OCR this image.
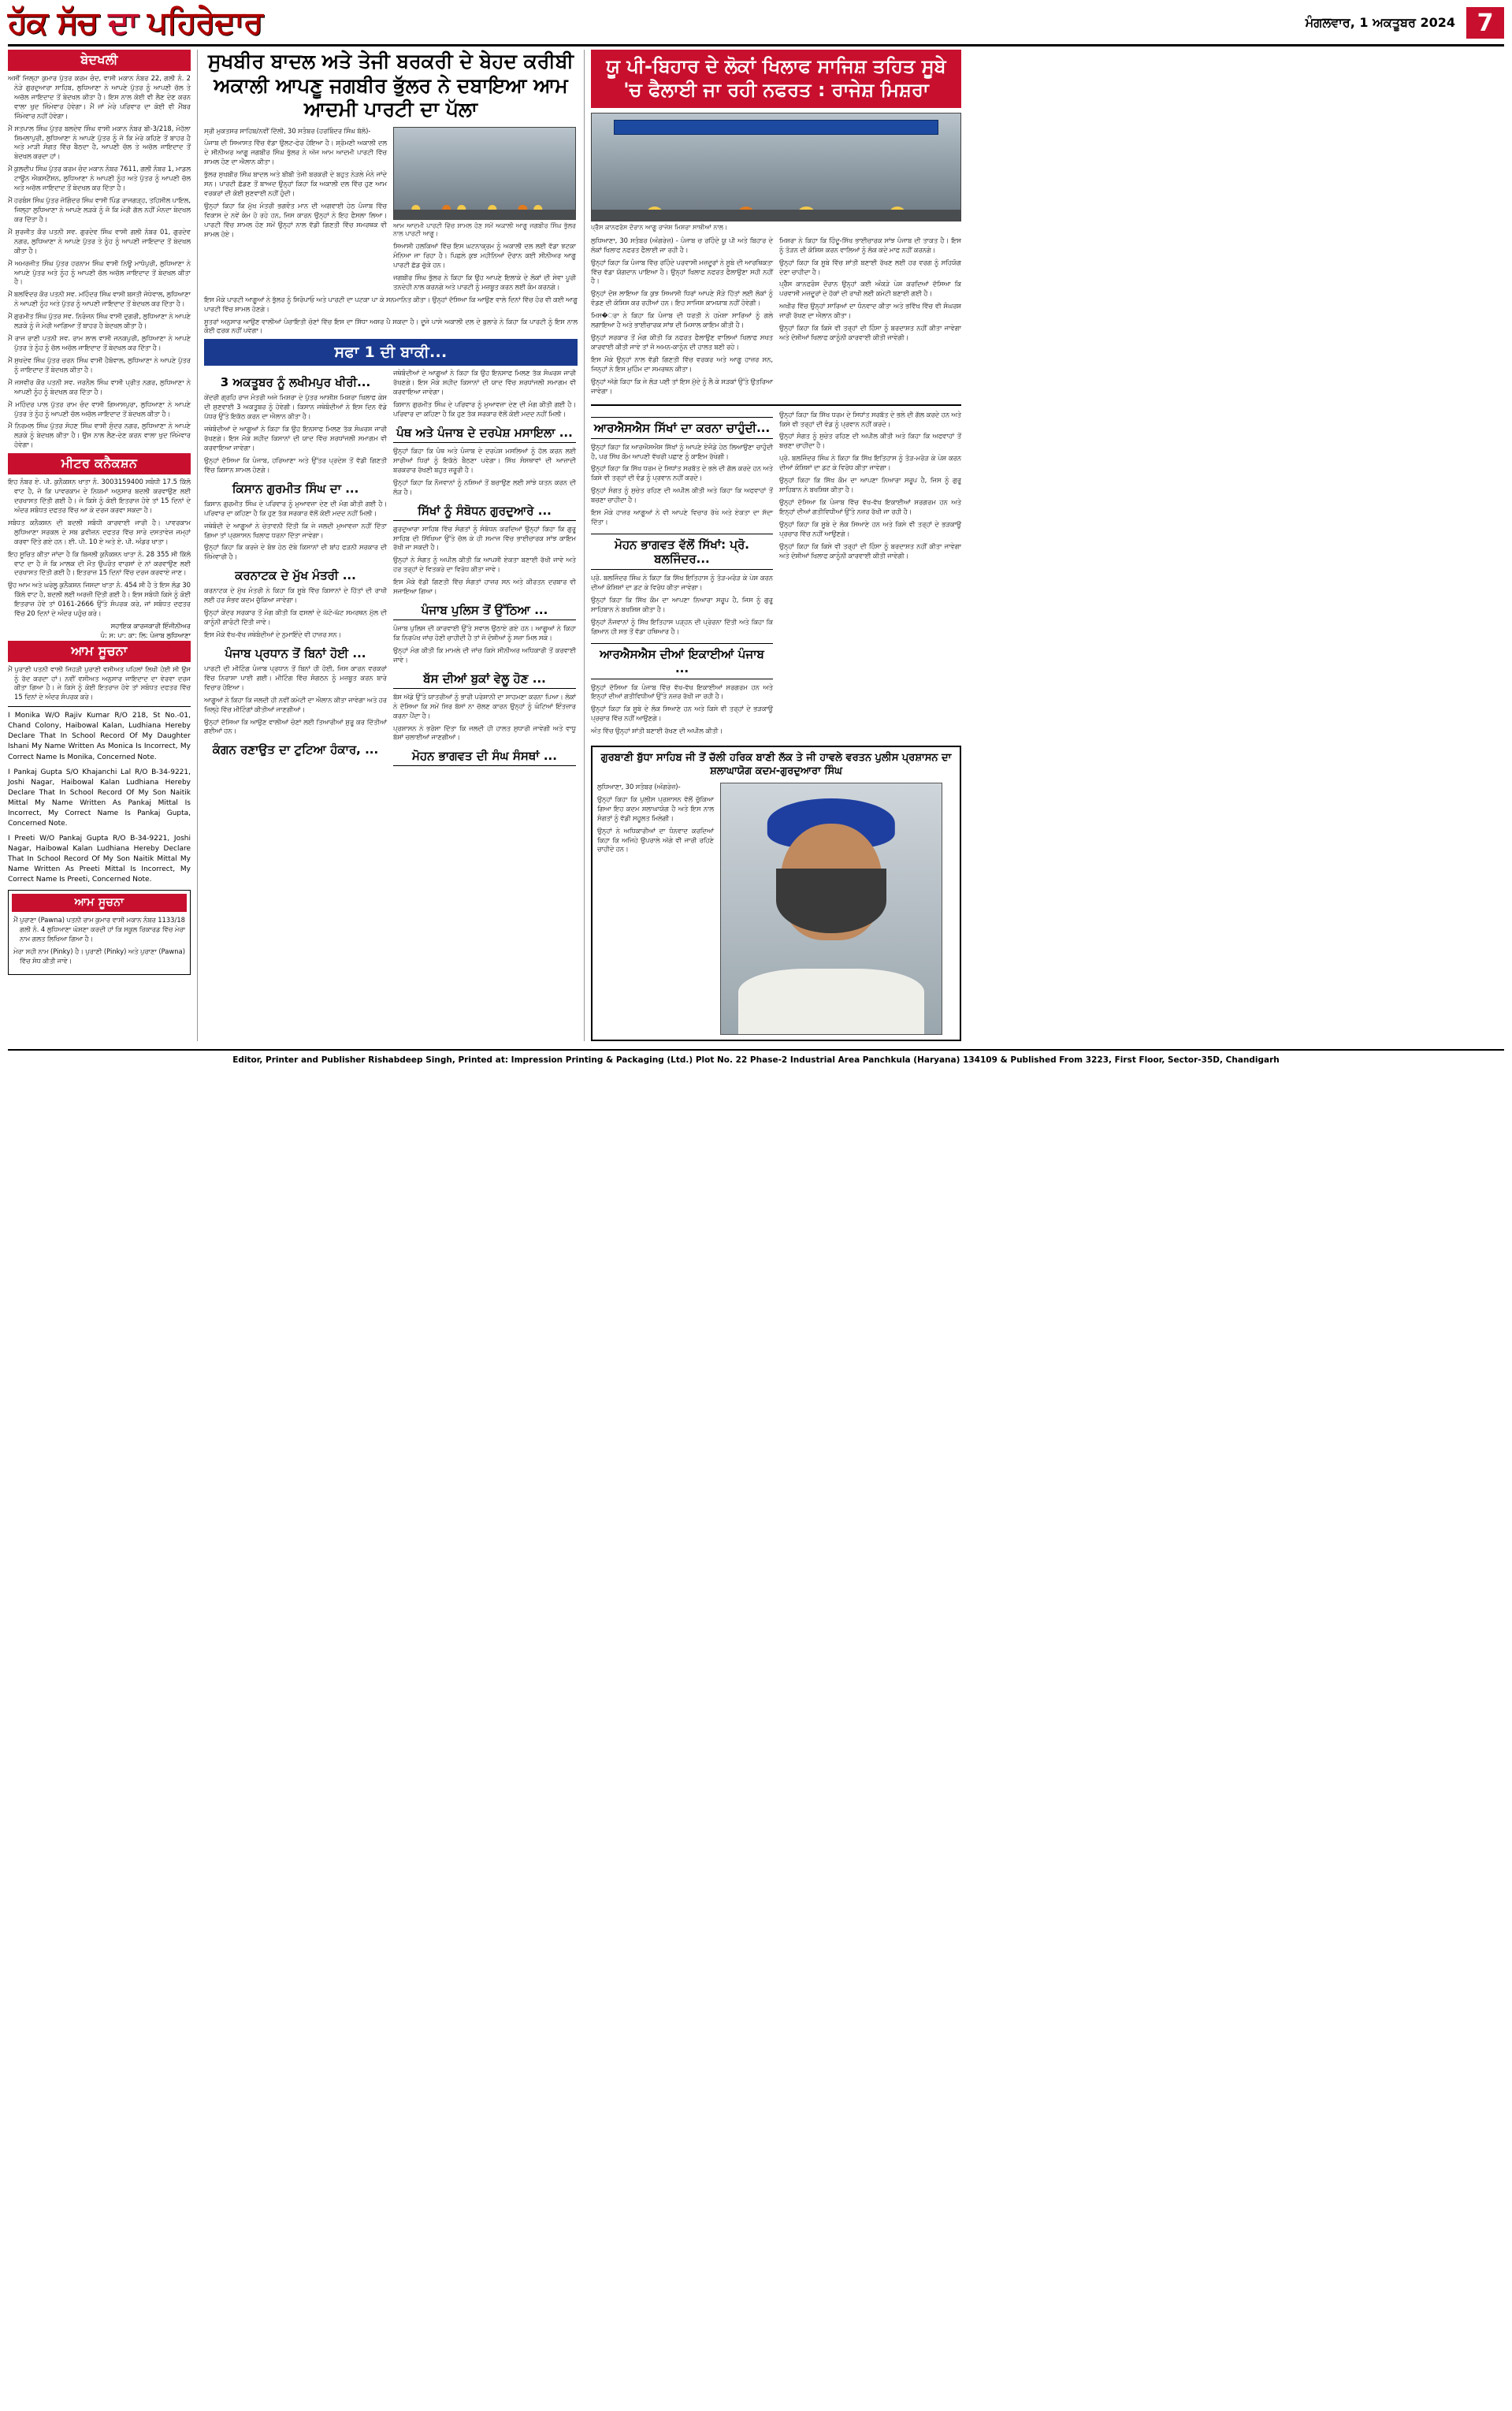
ਹੱਕ ਸੱਚ ਦਾ ਪਹਿਰੇਦਾਰ	ਮੰਗਲਵਾਰ, 1 ਅਕਤੂਬਰ 2024 7
ਬੇਦਖਲੀ

ਅਸੀਂ ਜਿਲ੍ਹਾ ਕੁਮਾਰ ਪੁੱਤਰ ਕਰਮ ਚੰਦ, ਵਾਸੀ ਮਕਾਨ ਨੰਬਰ 22, ਗਲੀ ਨੰ. 2 ਨੇੜੇ ਗੁਰਦੁਆਰਾ ਸਾਹਿਬ, ਲੁਧਿਆਣਾ ਨੇ ਆਪਣੇ ਪੁੱਤਰ ਨੂੰ ਆਪਣੀ ਚੱਲ ਤੇ ਅਚੱਲ ਜਾਇਦਾਦ ਤੋਂ ਬੇਦਖਲ ਕੀਤਾ ਹੈ। ਇਸ ਨਾਲ ਕੋਈ ਵੀ ਲੈਣ ਦੇਣ ਕਰਨ ਵਾਲਾ ਖੁਦ ਜਿੰਮੇਵਾਰ ਹੋਵੇਗਾ। ਮੈਂ ਜਾਂ ਮੇਰੇ ਪਰਿਵਾਰ ਦਾ ਕੋਈ ਵੀ ਮੈਂਬਰ ਜਿੰਮੇਵਾਰ ਨਹੀਂ ਹੋਵੇਗਾ।

ਮੈਂ ਸਤਪਾਲ ਸਿੰਘ ਪੁੱਤਰ ਬਲਦੇਵ ਸਿੰਘ ਵਾਸੀ ਮਕਾਨ ਨੰਬਰ ਬੀ-3/218, ਮੋਹੱਲਾ ਸ਼ਿਮਲਾਪੁਰੀ, ਲੁਧਿਆਣਾ ਨੇ ਆਪਣੇ ਪੁੱਤਰ ਨੂੰ ਜੋ ਕਿ ਮੇਰੇ ਕਹਿਣੇ ਤੋਂ ਬਾਹਰ ਹੈ ਅਤੇ ਮਾੜੀ ਸੰਗਤ ਵਿੱਚ ਬੈਠਦਾ ਹੈ, ਆਪਣੀ ਚੱਲ ਤੇ ਅਚੱਲ ਜਾਇਦਾਦ ਤੋਂ ਬੇਦਖਲ ਕਰਦਾ ਹਾਂ।

ਮੈਂ ਕੁਲਦੀਪ ਸਿੰਘ ਪੁੱਤਰ ਕਰਮ ਚੰਦ ਮਕਾਨ ਨੰਬਰ 7611, ਗਲੀ ਨੰਬਰ 1, ਮਾਡਲ ਟਾਊਨ ਐਕਸਟੈਂਸ਼ਨ, ਲੁਧਿਆਣਾ ਨੇ ਆਪਣੀ ਨੂੰਹ ਅਤੇ ਪੁੱਤਰ ਨੂੰ ਆਪਣੀ ਚੱਲ ਅਤੇ ਅਚੱਲ ਜਾਇਦਾਦ ਤੋਂ ਬੇਦਖਲ ਕਰ ਦਿੱਤਾ ਹੈ।

ਮੈਂ ਹਰਬੰਸ ਸਿੰਘ ਪੁੱਤਰ ਜੋਗਿੰਦਰ ਸਿੰਘ ਵਾਸੀ ਪਿੰਡ ਰਾਜਗੜ੍ਹ, ਤਹਿਸੀਲ ਪਾਇਲ, ਜਿਲ੍ਹਾ ਲੁਧਿਆਣਾ ਨੇ ਆਪਣੇ ਲੜਕੇ ਨੂੰ ਜੋ ਕਿ ਮੇਰੀ ਗੱਲ ਨਹੀਂ ਮੰਨਦਾ ਬੇਦਖਲ ਕਰ ਦਿੱਤਾ ਹੈ।

ਮੈਂ ਸੁਰਜੀਤ ਕੌਰ ਪਤਨੀ ਸਵ. ਗੁਰਦੇਵ ਸਿੰਘ ਵਾਸੀ ਗਲੀ ਨੰਬਰ 01, ਗੁਰਦੇਵ ਨਗਰ, ਲੁਧਿਆਣਾ ਨੇ ਆਪਣੇ ਪੁੱਤਰ ਤੇ ਨੂੰਹ ਨੂੰ ਆਪਣੀ ਜਾਇਦਾਦ ਤੋਂ ਬੇਦਖਲ ਕੀਤਾ ਹੈ।

ਮੈਂ ਅਮਰਜੀਤ ਸਿੰਘ ਪੁੱਤਰ ਹਰਨਾਮ ਸਿੰਘ ਵਾਸੀ ਨਿਊ ਮਾਧੋਪੁਰੀ, ਲੁਧਿਆਣਾ ਨੇ ਆਪਣੇ ਪੁੱਤਰ ਅਤੇ ਨੂੰਹ ਨੂੰ ਆਪਣੀ ਚੱਲ ਅਚੱਲ ਜਾਇਦਾਦ ਤੋਂ ਬੇਦਖਲ ਕੀਤਾ ਹੈ।

ਮੈਂ ਬਲਵਿੰਦਰ ਕੌਰ ਪਤਨੀ ਸਵ. ਮਹਿੰਦਰ ਸਿੰਘ ਵਾਸੀ ਬਸਤੀ ਜੋਧੇਵਾਲ, ਲੁਧਿਆਣਾ ਨੇ ਆਪਣੀ ਨੂੰਹ ਅਤੇ ਪੁੱਤਰ ਨੂੰ ਆਪਣੀ ਜਾਇਦਾਦ ਤੋਂ ਬੇਦਖਲ ਕਰ ਦਿੱਤਾ ਹੈ।

ਮੈਂ ਗੁਰਮੀਤ ਸਿੰਘ ਪੁੱਤਰ ਸਵ. ਨਿਰੰਜਨ ਸਿੰਘ ਵਾਸੀ ਦੁਗਰੀ, ਲੁਧਿਆਣਾ ਨੇ ਆਪਣੇ ਲੜਕੇ ਨੂੰ ਜੋ ਮੇਰੀ ਆਗਿਆ ਤੋਂ ਬਾਹਰ ਹੈ ਬੇਦਖਲ ਕੀਤਾ ਹੈ।

ਮੈਂ ਰਾਜ ਰਾਣੀ ਪਤਨੀ ਸਵ. ਰਾਮ ਲਾਲ ਵਾਸੀ ਜਨਕਪੁਰੀ, ਲੁਧਿਆਣਾ ਨੇ ਆਪਣੇ ਪੁੱਤਰ ਤੇ ਨੂੰਹ ਨੂੰ ਚੱਲ ਅਚੱਲ ਜਾਇਦਾਦ ਤੋਂ ਬੇਦਖਲ ਕਰ ਦਿੱਤਾ ਹੈ।

ਮੈਂ ਸੁਖਦੇਵ ਸਿੰਘ ਪੁੱਤਰ ਚਰਨ ਸਿੰਘ ਵਾਸੀ ਹੈਬੋਵਾਲ, ਲੁਧਿਆਣਾ ਨੇ ਆਪਣੇ ਪੁੱਤਰ ਨੂੰ ਜਾਇਦਾਦ ਤੋਂ ਬੇਦਖਲ ਕੀਤਾ ਹੈ।

ਮੈਂ ਜਸਵੀਰ ਕੌਰ ਪਤਨੀ ਸਵ. ਜਰਨੈਲ ਸਿੰਘ ਵਾਸੀ ਪ੍ਰੀਤ ਨਗਰ, ਲੁਧਿਆਣਾ ਨੇ ਆਪਣੀ ਨੂੰਹ ਨੂੰ ਬੇਦਖਲ ਕਰ ਦਿੱਤਾ ਹੈ।

ਮੈਂ ਮਹਿੰਦਰ ਪਾਲ ਪੁੱਤਰ ਰਾਮ ਚੰਦ ਵਾਸੀ ਗਿਆਸਪੁਰਾ, ਲੁਧਿਆਣਾ ਨੇ ਆਪਣੇ ਪੁੱਤਰ ਤੇ ਨੂੰਹ ਨੂੰ ਆਪਣੀ ਚੱਲ ਅਚੱਲ ਜਾਇਦਾਦ ਤੋਂ ਬੇਦਖਲ ਕੀਤਾ ਹੈ।

ਮੈਂ ਨਿਰਮਲ ਸਿੰਘ ਪੁੱਤਰ ਸੋਹਣ ਸਿੰਘ ਵਾਸੀ ਸੁੰਦਰ ਨਗਰ, ਲੁਧਿਆਣਾ ਨੇ ਆਪਣੇ ਲੜਕੇ ਨੂੰ ਬੇਦਖਲ ਕੀਤਾ ਹੈ। ਉਸ ਨਾਲ ਲੈਣ-ਦੇਣ ਕਰਨ ਵਾਲਾ ਖੁਦ ਜਿੰਮੇਵਾਰ ਹੋਵੇਗਾ।

ਮੀਟਰ ਕਨੈਕਸ਼ਨ

ਇਹ ਨੰਬਰ ਏ. ਪੀ. ਕੁਨੈਕਸ਼ਨ ਖਾਤਾ ਨੰ. 3003159400 ਸਬੰਧੀ 17.5 ਕਿੱਲੋ ਵਾਟ ਹੈ, ਜੋ ਕਿ ਪਾਵਰਕਾਮ ਦੇ ਨਿਯਮਾਂ ਅਨੁਸਾਰ ਬਦਲੀ ਕਰਵਾਉਣ ਲਈ ਦਰਖਾਸਤ ਦਿੱਤੀ ਗਈ ਹੈ। ਜੇ ਕਿਸੇ ਨੂੰ ਕੋਈ ਇਤਰਾਜ਼ ਹੋਵੇ ਤਾਂ 15 ਦਿਨਾਂ ਦੇ ਅੰਦਰ ਸਬੰਧਤ ਦਫਤਰ ਵਿੱਚ ਆ ਕੇ ਦਰਜ ਕਰਵਾ ਸਕਦਾ ਹੈ।

ਸਬੰਧਤ ਕਨੈਕਸ਼ਨ ਦੀ ਬਦਲੀ ਸਬੰਧੀ ਕਾਰਵਾਈ ਜਾਰੀ ਹੈ। ਪਾਵਰਕਾਮ ਲੁਧਿਆਣਾ ਸਰਕਲ ਦੇ ਸਬ ਡਵੀਜ਼ਨ ਦਫਤਰ ਵਿੱਚ ਸਾਰੇ ਦਸਤਾਵੇਜ਼ ਜਮ੍ਹਾਂ ਕਰਵਾ ਦਿੱਤੇ ਗਏ ਹਨ। ਈ. ਪੀ. 10 ਏ ਅਤੇ ਏ. ਪੀ. ਅੰਡਰ ਖਾਤਾ।

ਇਹ ਸੂਚਿਤ ਕੀਤਾ ਜਾਂਦਾ ਹੈ ਕਿ ਬਿਜਲੀ ਕੁਨੈਕਸ਼ਨ ਖਾਤਾ ਨੰ. 28 355 ਸੀ ਕਿੱਲੋ ਵਾਟ ਦਾ ਹੈ ਜੋ ਕਿ ਮਾਲਕ ਦੀ ਮੌਤ ਉਪਰੰਤ ਵਾਰਸਾਂ ਦੇ ਨਾਂ ਕਰਵਾਉਣ ਲਈ ਦਰਖਾਸਤ ਦਿੱਤੀ ਗਈ ਹੈ। ਇਤਰਾਜ਼ 15 ਦਿਨਾਂ ਵਿੱਚ ਦਰਜ ਕਰਵਾਏ ਜਾਣ।

ਉਹ ਆਮ ਅਤੇ ਘਰੇਲੂ ਕੁਨੈਕਸ਼ਨ ਜਿਸਦਾ ਖਾਤਾ ਨੰ. 454 ਸੀ ਹੈ ਤੇ ਇਸ ਲੋਡ 30 ਕਿੱਲੋ ਵਾਟ ਹੈ, ਬਦਲੀ ਲਈ ਅਰਜ਼ੀ ਦਿੱਤੀ ਗਈ ਹੈ। ਇਸ ਸਬੰਧੀ ਕਿਸੇ ਨੂੰ ਕੋਈ ਇਤਰਾਜ਼ ਹੋਵੇ ਤਾਂ 0161-2666 ਉੱਤੇ ਸੰਪਰਕ ਕਰੇ, ਜਾਂ ਸਬੰਧਤ ਦਫਤਰ ਵਿੱਚ 20 ਦਿਨਾਂ ਦੇ ਅੰਦਰ ਪਹੁੰਚ ਕਰੇ।

ਸਹਾਇਕ ਕਾਰਜਕਾਰੀ ਇੰਜੀਨੀਅਰ
ਪੰ: ਸ: ਪਾ: ਕਾ: ਲਿ: ਪੰਜਾਬ ਲੁਧਿਆਣਾ
ਆਮ ਸੂਚਨਾ

ਮੈਂ ਪੁਰਾਣੀ ਪਤਨੀ ਵਾਲੀ ਜਿਹੜੀ ਪੁਰਾਣੀ ਵਸੀਅਤ ਪਹਿਲਾਂ ਲਿਖੀ ਹੋਈ ਸੀ ਉਸ ਨੂੰ ਰੱਦ ਕਰਦਾ ਹਾਂ। ਨਵੀਂ ਵਸੀਅਤ ਅਨੁਸਾਰ ਜਾਇਦਾਦ ਦਾ ਵੇਰਵਾ ਦਰਜ ਕੀਤਾ ਗਿਆ ਹੈ। ਜੇ ਕਿਸੇ ਨੂੰ ਕੋਈ ਇਤਰਾਜ਼ ਹੋਵੇ ਤਾਂ ਸਬੰਧਤ ਦਫਤਰ ਵਿੱਚ 15 ਦਿਨਾਂ ਦੇ ਅੰਦਰ ਸੰਪਰਕ ਕਰੇ।

I Monika W/O Rajiv Kumar R/O 218, St No.-01, Chand Colony, Haibowal Kalan, Ludhiana Hereby Declare That In School Record Of My Daughter Ishani My Name Written As Monica Is Incorrect, My Correct Name Is Monika, Concerned Note.

I Pankaj Gupta S/O Khajanchi Lal R/O B-34-9221, Joshi Nagar, Haibowal Kalan Ludhiana Hereby Declare That In School Record Of My Son Naitik Mittal My Name Written As Pankaj Mittal Is Incorrect, My Correct Name Is Pankaj Gupta, Concerned Note.

I Preeti W/O Pankaj Gupta R/O B-34-9221, Joshi Nagar, Haibowal Kalan Ludhiana Hereby Declare That In School Record Of My Son Naitik Mittal My Name Written As Preeti Mittal Is Incorrect, My Correct Name Is Preeti, Concerned Note.

ਆਮ ਸੂਚਨਾ

ਮੈਂ ਪੁਰਾਣਾ (Pawna) ਪਤਨੀ ਰਾਮ ਕੁਮਾਰ ਵਾਸੀ ਮਕਾਨ ਨੰਬਰ 1133/18 ਗਲੀ ਨੰ. 4 ਲੁਧਿਆਣਾ ਘੋਸ਼ਣਾ ਕਰਦੀ ਹਾਂ ਕਿ ਸਕੂਲ ਰਿਕਾਰਡ ਵਿੱਚ ਮੇਰਾ ਨਾਮ ਗਲਤ ਲਿਖਿਆ ਗਿਆ ਹੈ।

ਮੇਰਾ ਸਹੀ ਨਾਮ (Pinky) ਹੈ। ਪੁਰਾਣੀ (Pinky) ਅਤੇ ਪੁਰਾਣਾ (Pawna) ਵਿੱਚ ਸੋਧ ਕੀਤੀ ਜਾਵੇ।

ਸੁਖਬੀਰ ਬਾਦਲ ਅਤੇ ਤੇਜੀ ਬਰਕਰੀ ਦੇ ਬੇਹਦ ਕਰੀਬੀ ਅਕਾਲੀ ਆਪਣੂ ਜਗਬੀਰ ਭੁੱਲਰ ਨੇ ਦਬਾਇਆ ਆਮ ਆਦਮੀ ਪਾਰਟੀ ਦਾ ਪੱਲਾ

ਸ੍ਰੀ ਮੁਕਤਸਰ ਸਾਹਿਬ/ਨਵੀਂ ਦਿੱਲੀ, 30 ਸਤੰਬਰ (ਹਰਬਿੰਦਰ ਸਿੰਘ ਬੱਲੋ)-

ਪੰਜਾਬ ਦੀ ਸਿਆਸਤ ਵਿੱਚ ਵੱਡਾ ਉਲਟ-ਫੇਰ ਹੋਇਆ ਹੈ। ਸ਼੍ਰੋਮਣੀ ਅਕਾਲੀ ਦਲ ਦੇ ਸੀਨੀਅਰ ਆਗੂ ਜਗਬੀਰ ਸਿੰਘ ਭੁੱਲਰ ਨੇ ਅੱਜ ਆਮ ਆਦਮੀ ਪਾਰਟੀ ਵਿੱਚ ਸ਼ਾਮਲ ਹੋਣ ਦਾ ਐਲਾਨ ਕੀਤਾ।

ਭੁੱਲਰ ਸੁਖਬੀਰ ਸਿੰਘ ਬਾਦਲ ਅਤੇ ਬੀਬੀ ਤੇਜੀ ਬਰਕਰੀ ਦੇ ਬਹੁਤ ਨੇੜਲੇ ਮੰਨੇ ਜਾਂਦੇ ਸਨ। ਪਾਰਟੀ ਛੱਡਣ ਤੋਂ ਬਾਅਦ ਉਨ੍ਹਾਂ ਕਿਹਾ ਕਿ ਅਕਾਲੀ ਦਲ ਵਿੱਚ ਹੁਣ ਆਮ ਵਰਕਰਾਂ ਦੀ ਕੋਈ ਸੁਣਵਾਈ ਨਹੀਂ ਹੁੰਦੀ।

ਉਨ੍ਹਾਂ ਕਿਹਾ ਕਿ ਮੁੱਖ ਮੰਤਰੀ ਭਗਵੰਤ ਮਾਨ ਦੀ ਅਗਵਾਈ ਹੇਠ ਪੰਜਾਬ ਵਿੱਚ ਵਿਕਾਸ ਦੇ ਨਵੇਂ ਕੰਮ ਹੋ ਰਹੇ ਹਨ, ਜਿਸ ਕਾਰਨ ਉਨ੍ਹਾਂ ਨੇ ਇਹ ਫੈਸਲਾ ਲਿਆ। ਪਾਰਟੀ ਵਿੱਚ ਸ਼ਾਮਲ ਹੋਣ ਸਮੇਂ ਉਨ੍ਹਾਂ ਨਾਲ ਵੱਡੀ ਗਿਣਤੀ ਵਿੱਚ ਸਮਰਥਕ ਵੀ ਸ਼ਾਮਲ ਹੋਏ।

ਆਮ ਆਦਮੀ ਪਾਰਟੀ ਵਿੱਚ ਸ਼ਾਮਲ ਹੋਣ ਸਮੇਂ ਅਕਾਲੀ ਆਗੂ ਜਗਬੀਰ ਸਿੰਘ ਭੁੱਲਰ ਨਾਲ ਪਾਰਟੀ ਆਗੂ।

ਸਿਆਸੀ ਹਲਕਿਆਂ ਵਿੱਚ ਇਸ ਘਟਨਾਕ੍ਰਮ ਨੂੰ ਅਕਾਲੀ ਦਲ ਲਈ ਵੱਡਾ ਝਟਕਾ ਮੰਨਿਆ ਜਾ ਰਿਹਾ ਹੈ। ਪਿਛਲੇ ਕੁਝ ਮਹੀਨਿਆਂ ਦੌਰਾਨ ਕਈ ਸੀਨੀਅਰ ਆਗੂ ਪਾਰਟੀ ਛੱਡ ਚੁੱਕੇ ਹਨ।

ਜਗਬੀਰ ਸਿੰਘ ਭੁੱਲਰ ਨੇ ਕਿਹਾ ਕਿ ਉਹ ਆਪਣੇ ਇਲਾਕੇ ਦੇ ਲੋਕਾਂ ਦੀ ਸੇਵਾ ਪੂਰੀ ਤਨਦੇਹੀ ਨਾਲ ਕਰਨਗੇ ਅਤੇ ਪਾਰਟੀ ਨੂੰ ਮਜ਼ਬੂਤ ਕਰਨ ਲਈ ਕੰਮ ਕਰਨਗੇ।

ਇਸ ਮੌਕੇ ਪਾਰਟੀ ਆਗੂਆਂ ਨੇ ਭੁੱਲਰ ਨੂੰ ਸਿਰੋਪਾਓ ਅਤੇ ਪਾਰਟੀ ਦਾ ਪਟਕਾ ਪਾ ਕੇ ਸਨਮਾਨਿਤ ਕੀਤਾ। ਉਨ੍ਹਾਂ ਦੱਸਿਆ ਕਿ ਆਉਣ ਵਾਲੇ ਦਿਨਾਂ ਵਿੱਚ ਹੋਰ ਵੀ ਕਈ ਆਗੂ ਪਾਰਟੀ ਵਿੱਚ ਸ਼ਾਮਲ ਹੋਣਗੇ।

ਸੂਤਰਾਂ ਅਨੁਸਾਰ ਆਉਣ ਵਾਲੀਆਂ ਪੰਚਾਇਤੀ ਚੋਣਾਂ ਵਿੱਚ ਇਸ ਦਾ ਸਿੱਧਾ ਅਸਰ ਪੈ ਸਕਦਾ ਹੈ। ਦੂਜੇ ਪਾਸੇ ਅਕਾਲੀ ਦਲ ਦੇ ਬੁਲਾਰੇ ਨੇ ਕਿਹਾ ਕਿ ਪਾਰਟੀ ਨੂੰ ਇਸ ਨਾਲ ਕੋਈ ਫਰਕ ਨਹੀਂ ਪਵੇਗਾ।

ਸਫਾ 1 ਦੀ ਬਾਕੀ...
3 ਅਕਤੂਬਰ ਨੂੰ ਲਖੀਮਪੁਰ ਖੀਰੀ...

ਕੇਂਦਰੀ ਗ੍ਰਹਿ ਰਾਜ ਮੰਤਰੀ ਅਜੇ ਮਿਸ਼ਰਾ ਦੇ ਪੁੱਤਰ ਆਸ਼ੀਸ਼ ਮਿਸ਼ਰਾ ਖਿਲਾਫ ਕੇਸ ਦੀ ਸੁਣਵਾਈ 3 ਅਕਤੂਬਰ ਨੂੰ ਹੋਵੇਗੀ। ਕਿਸਾਨ ਜਥੇਬੰਦੀਆਂ ਨੇ ਇਸ ਦਿਨ ਵੱਡੇ ਪੱਧਰ ਉੱਤੇ ਇਕੱਠ ਕਰਨ ਦਾ ਐਲਾਨ ਕੀਤਾ ਹੈ।

ਜਥੇਬੰਦੀਆਂ ਦੇ ਆਗੂਆਂ ਨੇ ਕਿਹਾ ਕਿ ਉਹ ਇਨਸਾਫ ਮਿਲਣ ਤੱਕ ਸੰਘਰਸ਼ ਜਾਰੀ ਰੱਖਣਗੇ। ਇਸ ਮੌਕੇ ਸ਼ਹੀਦ ਕਿਸਾਨਾਂ ਦੀ ਯਾਦ ਵਿੱਚ ਸ਼ਰਧਾਂਜਲੀ ਸਮਾਗਮ ਵੀ ਕਰਵਾਇਆ ਜਾਵੇਗਾ।

ਉਨ੍ਹਾਂ ਦੱਸਿਆ ਕਿ ਪੰਜਾਬ, ਹਰਿਆਣਾ ਅਤੇ ਉੱਤਰ ਪ੍ਰਦੇਸ਼ ਤੋਂ ਵੱਡੀ ਗਿਣਤੀ ਵਿੱਚ ਕਿਸਾਨ ਸ਼ਾਮਲ ਹੋਣਗੇ।

ਕਿਸਾਨ ਗੁਰਮੀਤ ਸਿੰਘ ਦਾ ...

ਕਿਸਾਨ ਗੁਰਮੀਤ ਸਿੰਘ ਦੇ ਪਰਿਵਾਰ ਨੂੰ ਮੁਆਵਜ਼ਾ ਦੇਣ ਦੀ ਮੰਗ ਕੀਤੀ ਗਈ ਹੈ। ਪਰਿਵਾਰ ਦਾ ਕਹਿਣਾ ਹੈ ਕਿ ਹੁਣ ਤੱਕ ਸਰਕਾਰ ਵੱਲੋਂ ਕੋਈ ਮਦਦ ਨਹੀਂ ਮਿਲੀ।

ਜਥੇਬੰਦੀ ਦੇ ਆਗੂਆਂ ਨੇ ਚੇਤਾਵਨੀ ਦਿੱਤੀ ਕਿ ਜੇ ਜਲਦੀ ਮੁਆਵਜ਼ਾ ਨਹੀਂ ਦਿੱਤਾ ਗਿਆ ਤਾਂ ਪ੍ਰਸ਼ਾਸਨ ਖਿਲਾਫ ਧਰਨਾ ਦਿੱਤਾ ਜਾਵੇਗਾ।

ਉਨ੍ਹਾਂ ਕਿਹਾ ਕਿ ਕਰਜ਼ੇ ਦੇ ਬੋਝ ਹੇਠ ਦੱਬੇ ਕਿਸਾਨਾਂ ਦੀ ਬਾਂਹ ਫੜਨੀ ਸਰਕਾਰ ਦੀ ਜ਼ਿੰਮੇਵਾਰੀ ਹੈ।

ਕਰਨਾਟਕ ਦੇ ਮੁੱਖ ਮੰਤਰੀ ...

ਕਰਨਾਟਕ ਦੇ ਮੁੱਖ ਮੰਤਰੀ ਨੇ ਕਿਹਾ ਕਿ ਸੂਬੇ ਵਿੱਚ ਕਿਸਾਨਾਂ ਦੇ ਹਿੱਤਾਂ ਦੀ ਰਾਖੀ ਲਈ ਹਰ ਸੰਭਵ ਕਦਮ ਚੁੱਕਿਆ ਜਾਵੇਗਾ।

ਉਨ੍ਹਾਂ ਕੇਂਦਰ ਸਰਕਾਰ ਤੋਂ ਮੰਗ ਕੀਤੀ ਕਿ ਫਸਲਾਂ ਦੇ ਘੱਟੋ-ਘੱਟ ਸਮਰਥਨ ਮੁੱਲ ਦੀ ਕਾਨੂੰਨੀ ਗਾਰੰਟੀ ਦਿੱਤੀ ਜਾਵੇ।

ਇਸ ਮੌਕੇ ਵੱਖ-ਵੱਖ ਜਥੇਬੰਦੀਆਂ ਦੇ ਨੁਮਾਇੰਦੇ ਵੀ ਹਾਜ਼ਰ ਸਨ।

ਪੰਜਾਬ ਪ੍ਰਧਾਨ ਤੋਂ ਬਿਨਾਂ ਹੋਈ ...

ਪਾਰਟੀ ਦੀ ਮੀਟਿੰਗ ਪੰਜਾਬ ਪ੍ਰਧਾਨ ਤੋਂ ਬਿਨਾਂ ਹੀ ਹੋਈ, ਜਿਸ ਕਾਰਨ ਵਰਕਰਾਂ ਵਿੱਚ ਨਿਰਾਸ਼ਾ ਪਾਈ ਗਈ। ਮੀਟਿੰਗ ਵਿੱਚ ਸੰਗਠਨ ਨੂੰ ਮਜ਼ਬੂਤ ਕਰਨ ਬਾਰੇ ਵਿਚਾਰ ਹੋਇਆ।

ਆਗੂਆਂ ਨੇ ਕਿਹਾ ਕਿ ਜਲਦੀ ਹੀ ਨਵੀਂ ਕਮੇਟੀ ਦਾ ਐਲਾਨ ਕੀਤਾ ਜਾਵੇਗਾ ਅਤੇ ਹਰ ਜ਼ਿਲ੍ਹੇ ਵਿੱਚ ਮੀਟਿੰਗਾਂ ਕੀਤੀਆਂ ਜਾਣਗੀਆਂ।

ਉਨ੍ਹਾਂ ਦੱਸਿਆ ਕਿ ਆਉਣ ਵਾਲੀਆਂ ਚੋਣਾਂ ਲਈ ਤਿਆਰੀਆਂ ਸ਼ੁਰੂ ਕਰ ਦਿੱਤੀਆਂ ਗਈਆਂ ਹਨ।

ਕੰਗਨ ਰਣਾਉਤ ਦਾ ਟੁਟਿਆ ਹੰਕਾਰ, ...

ਜਥੇਬੰਦੀਆਂ ਦੇ ਆਗੂਆਂ ਨੇ ਕਿਹਾ ਕਿ ਉਹ ਇਨਸਾਫ ਮਿਲਣ ਤੱਕ ਸੰਘਰਸ਼ ਜਾਰੀ ਰੱਖਣਗੇ। ਇਸ ਮੌਕੇ ਸ਼ਹੀਦ ਕਿਸਾਨਾਂ ਦੀ ਯਾਦ ਵਿੱਚ ਸ਼ਰਧਾਂਜਲੀ ਸਮਾਗਮ ਵੀ ਕਰਵਾਇਆ ਜਾਵੇਗਾ।

ਕਿਸਾਨ ਗੁਰਮੀਤ ਸਿੰਘ ਦੇ ਪਰਿਵਾਰ ਨੂੰ ਮੁਆਵਜ਼ਾ ਦੇਣ ਦੀ ਮੰਗ ਕੀਤੀ ਗਈ ਹੈ। ਪਰਿਵਾਰ ਦਾ ਕਹਿਣਾ ਹੈ ਕਿ ਹੁਣ ਤੱਕ ਸਰਕਾਰ ਵੱਲੋਂ ਕੋਈ ਮਦਦ ਨਹੀਂ ਮਿਲੀ।

ਪੰਥ ਅਤੇ ਪੰਜਾਬ ਦੇ ਦਰਪੇਸ਼ ਮਸਾਇਲਾ ...

ਉਨ੍ਹਾਂ ਕਿਹਾ ਕਿ ਪੰਥ ਅਤੇ ਪੰਜਾਬ ਦੇ ਦਰਪੇਸ਼ ਮਸਲਿਆਂ ਨੂੰ ਹੱਲ ਕਰਨ ਲਈ ਸਾਰੀਆਂ ਧਿਰਾਂ ਨੂੰ ਇਕੱਠੇ ਬੈਠਣਾ ਪਵੇਗਾ। ਸਿੱਖ ਸੰਸਥਾਵਾਂ ਦੀ ਆਜ਼ਾਦੀ ਬਰਕਰਾਰ ਰੱਖਣੀ ਬਹੁਤ ਜ਼ਰੂਰੀ ਹੈ।

ਉਨ੍ਹਾਂ ਕਿਹਾ ਕਿ ਨੌਜਵਾਨਾਂ ਨੂੰ ਨਸ਼ਿਆਂ ਤੋਂ ਬਚਾਉਣ ਲਈ ਸਾਂਝੇ ਯਤਨ ਕਰਨ ਦੀ ਲੋੜ ਹੈ।

ਸਿੱਖਾਂ ਨੂੰ ਸੰਬੋਧਨ ਗੁਰਦੁਆਰੇ ...

ਗੁਰਦੁਆਰਾ ਸਾਹਿਬ ਵਿੱਚ ਸੰਗਤਾਂ ਨੂੰ ਸੰਬੋਧਨ ਕਰਦਿਆਂ ਉਨ੍ਹਾਂ ਕਿਹਾ ਕਿ ਗੁਰੂ ਸਾਹਿਬ ਦੀ ਸਿੱਖਿਆ ਉੱਤੇ ਚੱਲ ਕੇ ਹੀ ਸਮਾਜ ਵਿੱਚ ਭਾਈਚਾਰਕ ਸਾਂਝ ਕਾਇਮ ਰੱਖੀ ਜਾ ਸਕਦੀ ਹੈ।

ਉਨ੍ਹਾਂ ਨੇ ਸੰਗਤ ਨੂੰ ਅਪੀਲ ਕੀਤੀ ਕਿ ਆਪਸੀ ਏਕਤਾ ਬਣਾਈ ਰੱਖੀ ਜਾਵੇ ਅਤੇ ਹਰ ਤਰ੍ਹਾਂ ਦੇ ਵਿਤਕਰੇ ਦਾ ਵਿਰੋਧ ਕੀਤਾ ਜਾਵੇ।

ਇਸ ਮੌਕੇ ਵੱਡੀ ਗਿਣਤੀ ਵਿੱਚ ਸੰਗਤਾਂ ਹਾਜ਼ਰ ਸਨ ਅਤੇ ਕੀਰਤਨ ਦਰਬਾਰ ਵੀ ਸਜਾਇਆ ਗਿਆ।

ਪੰਜਾਬ ਪੁਲਿਸ ਤੋਂ ਉੱਠਿਆ ...

ਪੰਜਾਬ ਪੁਲਿਸ ਦੀ ਕਾਰਵਾਈ ਉੱਤੇ ਸਵਾਲ ਉਠਾਏ ਗਏ ਹਨ। ਆਗੂਆਂ ਨੇ ਕਿਹਾ ਕਿ ਨਿਰਪੱਖ ਜਾਂਚ ਹੋਣੀ ਚਾਹੀਦੀ ਹੈ ਤਾਂ ਜੋ ਦੋਸ਼ੀਆਂ ਨੂੰ ਸਜ਼ਾ ਮਿਲ ਸਕੇ।

ਉਨ੍ਹਾਂ ਮੰਗ ਕੀਤੀ ਕਿ ਮਾਮਲੇ ਦੀ ਜਾਂਚ ਕਿਸੇ ਸੀਨੀਅਰ ਅਧਿਕਾਰੀ ਤੋਂ ਕਰਵਾਈ ਜਾਵੇ।

ਬੱਸ ਦੀਆਂ ਬੁਕਾਂ ਵੇਲੂ ਹੋਣ ...

ਬੱਸ ਅੱਡੇ ਉੱਤੇ ਯਾਤਰੀਆਂ ਨੂੰ ਭਾਰੀ ਪਰੇਸ਼ਾਨੀ ਦਾ ਸਾਹਮਣਾ ਕਰਨਾ ਪਿਆ। ਲੋਕਾਂ ਨੇ ਦੱਸਿਆ ਕਿ ਸਮੇਂ ਸਿਰ ਬੱਸਾਂ ਨਾ ਚੱਲਣ ਕਾਰਨ ਉਨ੍ਹਾਂ ਨੂੰ ਘੰਟਿਆਂ ਇੰਤਜ਼ਾਰ ਕਰਨਾ ਪੈਂਦਾ ਹੈ।

ਪ੍ਰਸ਼ਾਸਨ ਨੇ ਭਰੋਸਾ ਦਿੱਤਾ ਕਿ ਜਲਦੀ ਹੀ ਹਾਲਤ ਸੁਧਾਰੀ ਜਾਵੇਗੀ ਅਤੇ ਵਾਧੂ ਬੱਸਾਂ ਚਲਾਈਆਂ ਜਾਣਗੀਆਂ।

ਮੋਹਨ ਭਾਗਵਤ ਦੀ ਸੰਘ ਸੰਸਥਾਂ ...
ਯੂ ਪੀ-ਬਿਹਾਰ ਦੇ ਲੋਕਾਂ ਖਿਲਾਫ ਸਾਜਿਸ਼ ਤਹਿਤ ਸੂਬੇ 'ਚ ਫੈਲਾਈ ਜਾ ਰਹੀ ਨਫਰਤ : ਰਾਜੇਸ਼ ਮਿਸ਼ਰਾ
ਪ੍ਰੈੱਸ ਕਾਨਫਰੰਸ ਦੌਰਾਨ ਆਗੂ ਰਾਜੇਸ਼ ਮਿਸ਼ਰਾ ਸਾਥੀਆਂ ਨਾਲ।

ਲੁਧਿਆਣਾ, 30 ਸਤੰਬਰ (ਅੰਗਰੇਜ਼) - ਪੰਜਾਬ ਚ ਰਹਿੰਦੇ ਯੂ ਪੀ ਅਤੇ ਬਿਹਾਰ ਦੇ ਲੋਕਾਂ ਖਿਲਾਫ ਨਫਰਤ ਫੈਲਾਈ ਜਾ ਰਹੀ ਹੈ।

ਉਨ੍ਹਾਂ ਕਿਹਾ ਕਿ ਪੰਜਾਬ ਵਿੱਚ ਰਹਿੰਦੇ ਪਰਵਾਸੀ ਮਜ਼ਦੂਰਾਂ ਨੇ ਸੂਬੇ ਦੀ ਆਰਥਿਕਤਾ ਵਿੱਚ ਵੱਡਾ ਯੋਗਦਾਨ ਪਾਇਆ ਹੈ। ਉਨ੍ਹਾਂ ਖਿਲਾਫ ਨਫਰਤ ਫੈਲਾਉਣਾ ਸਹੀ ਨਹੀਂ ਹੈ।

ਉਨ੍ਹਾਂ ਦੋਸ਼ ਲਾਇਆ ਕਿ ਕੁਝ ਸਿਆਸੀ ਧਿਰਾਂ ਆਪਣੇ ਸੌੜੇ ਹਿੱਤਾਂ ਲਈ ਲੋਕਾਂ ਨੂੰ ਵੰਡਣ ਦੀ ਕੋਸ਼ਿਸ਼ ਕਰ ਰਹੀਆਂ ਹਨ। ਇਹ ਸਾਜਿਸ਼ ਕਾਮਯਾਬ ਨਹੀਂ ਹੋਵੇਗੀ।

ਮਿਸ�਼ਰਾ ਨੇ ਕਿਹਾ ਕਿ ਪੰਜਾਬ ਦੀ ਧਰਤੀ ਨੇ ਹਮੇਸ਼ਾ ਸਾਰਿਆਂ ਨੂੰ ਗਲੇ ਲਗਾਇਆ ਹੈ ਅਤੇ ਭਾਈਚਾਰਕ ਸਾਂਝ ਦੀ ਮਿਸਾਲ ਕਾਇਮ ਕੀਤੀ ਹੈ।

ਉਨ੍ਹਾਂ ਸਰਕਾਰ ਤੋਂ ਮੰਗ ਕੀਤੀ ਕਿ ਨਫਰਤ ਫੈਲਾਉਣ ਵਾਲਿਆਂ ਖਿਲਾਫ ਸਖਤ ਕਾਰਵਾਈ ਕੀਤੀ ਜਾਵੇ ਤਾਂ ਜੋ ਅਮਨ-ਕਾਨੂੰਨ ਦੀ ਹਾਲਤ ਬਣੀ ਰਹੇ।

ਇਸ ਮੌਕੇ ਉਨ੍ਹਾਂ ਨਾਲ ਵੱਡੀ ਗਿਣਤੀ ਵਿੱਚ ਵਰਕਰ ਅਤੇ ਆਗੂ ਹਾਜ਼ਰ ਸਨ, ਜਿਨ੍ਹਾਂ ਨੇ ਇਸ ਮੁਹਿੰਮ ਦਾ ਸਮਰਥਨ ਕੀਤਾ।

ਉਨ੍ਹਾਂ ਅੱਗੇ ਕਿਹਾ ਕਿ ਜੇ ਲੋੜ ਪਈ ਤਾਂ ਇਸ ਮੁੱਦੇ ਨੂੰ ਲੈ ਕੇ ਸੜਕਾਂ ਉੱਤੇ ਉਤਰਿਆ ਜਾਵੇਗਾ।

ਮਿਸ਼ਰਾ ਨੇ ਕਿਹਾ ਕਿ ਹਿੰਦੂ-ਸਿੱਖ ਭਾਈਚਾਰਕ ਸਾਂਝ ਪੰਜਾਬ ਦੀ ਤਾਕਤ ਹੈ। ਇਸ ਨੂੰ ਤੋੜਨ ਦੀ ਕੋਸ਼ਿਸ਼ ਕਰਨ ਵਾਲਿਆਂ ਨੂੰ ਲੋਕ ਕਦੇ ਮਾਫ ਨਹੀਂ ਕਰਨਗੇ।

ਉਨ੍ਹਾਂ ਕਿਹਾ ਕਿ ਸੂਬੇ ਵਿੱਚ ਸ਼ਾਂਤੀ ਬਣਾਈ ਰੱਖਣ ਲਈ ਹਰ ਵਰਗ ਨੂੰ ਸਹਿਯੋਗ ਦੇਣਾ ਚਾਹੀਦਾ ਹੈ।

ਪ੍ਰੈੱਸ ਕਾਨਫਰੰਸ ਦੌਰਾਨ ਉਨ੍ਹਾਂ ਕਈ ਅੰਕੜੇ ਪੇਸ਼ ਕਰਦਿਆਂ ਦੱਸਿਆ ਕਿ ਪਰਵਾਸੀ ਮਜ਼ਦੂਰਾਂ ਦੇ ਹੱਕਾਂ ਦੀ ਰਾਖੀ ਲਈ ਕਮੇਟੀ ਬਣਾਈ ਗਈ ਹੈ।

ਅਖੀਰ ਵਿੱਚ ਉਨ੍ਹਾਂ ਸਾਰਿਆਂ ਦਾ ਧੰਨਵਾਦ ਕੀਤਾ ਅਤੇ ਭਵਿੱਖ ਵਿੱਚ ਵੀ ਸੰਘਰਸ਼ ਜਾਰੀ ਰੱਖਣ ਦਾ ਐਲਾਨ ਕੀਤਾ।

ਉਨ੍ਹਾਂ ਕਿਹਾ ਕਿ ਕਿਸੇ ਵੀ ਤਰ੍ਹਾਂ ਦੀ ਹਿੰਸਾ ਨੂੰ ਬਰਦਾਸ਼ਤ ਨਹੀਂ ਕੀਤਾ ਜਾਵੇਗਾ ਅਤੇ ਦੋਸ਼ੀਆਂ ਖਿਲਾਫ ਕਾਨੂੰਨੀ ਕਾਰਵਾਈ ਕੀਤੀ ਜਾਵੇਗੀ।

ਆਰਐਸਐਸ ਸਿੱਖਾਂ ਦਾ ਕਰਨਾ ਚਾਹੁੰਦੀ...

ਉਨ੍ਹਾਂ ਕਿਹਾ ਕਿ ਆਰਐਸਐਸ ਸਿੱਖਾਂ ਨੂੰ ਆਪਣੇ ਏਜੰਡੇ ਹੇਠ ਲਿਆਉਣਾ ਚਾਹੁੰਦੀ ਹੈ, ਪਰ ਸਿੱਖ ਕੌਮ ਆਪਣੀ ਵੱਖਰੀ ਪਛਾਣ ਨੂੰ ਕਾਇਮ ਰੱਖੇਗੀ।

ਉਨ੍ਹਾਂ ਕਿਹਾ ਕਿ ਸਿੱਖ ਧਰਮ ਦੇ ਸਿਧਾਂਤ ਸਰਬੱਤ ਦੇ ਭਲੇ ਦੀ ਗੱਲ ਕਰਦੇ ਹਨ ਅਤੇ ਕਿਸੇ ਵੀ ਤਰ੍ਹਾਂ ਦੀ ਵੰਡ ਨੂੰ ਪ੍ਰਵਾਨ ਨਹੀਂ ਕਰਦੇ।

ਉਨ੍ਹਾਂ ਸੰਗਤ ਨੂੰ ਸੁਚੇਤ ਰਹਿਣ ਦੀ ਅਪੀਲ ਕੀਤੀ ਅਤੇ ਕਿਹਾ ਕਿ ਅਫਵਾਹਾਂ ਤੋਂ ਬਚਣਾ ਚਾਹੀਦਾ ਹੈ।

ਇਸ ਮੌਕੇ ਹਾਜ਼ਰ ਆਗੂਆਂ ਨੇ ਵੀ ਆਪਣੇ ਵਿਚਾਰ ਰੱਖੇ ਅਤੇ ਏਕਤਾ ਦਾ ਸੱਦਾ ਦਿੱਤਾ।

ਮੋਹਨ ਭਾਗਵਤ ਵੱਲੋਂ ਸਿੱਖਾਂ: ਪ੍ਰੋ. ਬਲਜਿੰਦਰ...

ਪ੍ਰੋ. ਬਲਜਿੰਦਰ ਸਿੰਘ ਨੇ ਕਿਹਾ ਕਿ ਸਿੱਖ ਇਤਿਹਾਸ ਨੂੰ ਤੋੜ-ਮਰੋੜ ਕੇ ਪੇਸ਼ ਕਰਨ ਦੀਆਂ ਕੋਸ਼ਿਸ਼ਾਂ ਦਾ ਡਟ ਕੇ ਵਿਰੋਧ ਕੀਤਾ ਜਾਵੇਗਾ।

ਉਨ੍ਹਾਂ ਕਿਹਾ ਕਿ ਸਿੱਖ ਕੌਮ ਦਾ ਆਪਣਾ ਨਿਆਰਾ ਸਰੂਪ ਹੈ, ਜਿਸ ਨੂੰ ਗੁਰੂ ਸਾਹਿਬਾਨ ਨੇ ਬਖਸ਼ਿਸ਼ ਕੀਤਾ ਹੈ।

ਉਨ੍ਹਾਂ ਨੌਜਵਾਨਾਂ ਨੂੰ ਸਿੱਖ ਇਤਿਹਾਸ ਪੜ੍ਹਨ ਦੀ ਪ੍ਰੇਰਨਾ ਦਿੱਤੀ ਅਤੇ ਕਿਹਾ ਕਿ ਗਿਆਨ ਹੀ ਸਭ ਤੋਂ ਵੱਡਾ ਹਥਿਆਰ ਹੈ।

ਆਰਐਸਐਸ ਦੀਆਂ ਇਕਾਈਆਂ ਪੰਜਾਬ ...

ਉਨ੍ਹਾਂ ਦੱਸਿਆ ਕਿ ਪੰਜਾਬ ਵਿੱਚ ਵੱਖ-ਵੱਖ ਇਕਾਈਆਂ ਸਰਗਰਮ ਹਨ ਅਤੇ ਇਨ੍ਹਾਂ ਦੀਆਂ ਗਤੀਵਿਧੀਆਂ ਉੱਤੇ ਨਜ਼ਰ ਰੱਖੀ ਜਾ ਰਹੀ ਹੈ।

ਉਨ੍ਹਾਂ ਕਿਹਾ ਕਿ ਸੂਬੇ ਦੇ ਲੋਕ ਸਿਆਣੇ ਹਨ ਅਤੇ ਕਿਸੇ ਵੀ ਤਰ੍ਹਾਂ ਦੇ ਭੜਕਾਊ ਪ੍ਰਚਾਰ ਵਿੱਚ ਨਹੀਂ ਆਉਣਗੇ।

ਅੰਤ ਵਿੱਚ ਉਨ੍ਹਾਂ ਸ਼ਾਂਤੀ ਬਣਾਈ ਰੱਖਣ ਦੀ ਅਪੀਲ ਕੀਤੀ।

ਉਨ੍ਹਾਂ ਕਿਹਾ ਕਿ ਸਿੱਖ ਧਰਮ ਦੇ ਸਿਧਾਂਤ ਸਰਬੱਤ ਦੇ ਭਲੇ ਦੀ ਗੱਲ ਕਰਦੇ ਹਨ ਅਤੇ ਕਿਸੇ ਵੀ ਤਰ੍ਹਾਂ ਦੀ ਵੰਡ ਨੂੰ ਪ੍ਰਵਾਨ ਨਹੀਂ ਕਰਦੇ।

ਉਨ੍ਹਾਂ ਸੰਗਤ ਨੂੰ ਸੁਚੇਤ ਰਹਿਣ ਦੀ ਅਪੀਲ ਕੀਤੀ ਅਤੇ ਕਿਹਾ ਕਿ ਅਫਵਾਹਾਂ ਤੋਂ ਬਚਣਾ ਚਾਹੀਦਾ ਹੈ।

ਪ੍ਰੋ. ਬਲਜਿੰਦਰ ਸਿੰਘ ਨੇ ਕਿਹਾ ਕਿ ਸਿੱਖ ਇਤਿਹਾਸ ਨੂੰ ਤੋੜ-ਮਰੋੜ ਕੇ ਪੇਸ਼ ਕਰਨ ਦੀਆਂ ਕੋਸ਼ਿਸ਼ਾਂ ਦਾ ਡਟ ਕੇ ਵਿਰੋਧ ਕੀਤਾ ਜਾਵੇਗਾ।

ਉਨ੍ਹਾਂ ਕਿਹਾ ਕਿ ਸਿੱਖ ਕੌਮ ਦਾ ਆਪਣਾ ਨਿਆਰਾ ਸਰੂਪ ਹੈ, ਜਿਸ ਨੂੰ ਗੁਰੂ ਸਾਹਿਬਾਨ ਨੇ ਬਖਸ਼ਿਸ਼ ਕੀਤਾ ਹੈ।

ਉਨ੍ਹਾਂ ਦੱਸਿਆ ਕਿ ਪੰਜਾਬ ਵਿੱਚ ਵੱਖ-ਵੱਖ ਇਕਾਈਆਂ ਸਰਗਰਮ ਹਨ ਅਤੇ ਇਨ੍ਹਾਂ ਦੀਆਂ ਗਤੀਵਿਧੀਆਂ ਉੱਤੇ ਨਜ਼ਰ ਰੱਖੀ ਜਾ ਰਹੀ ਹੈ।

ਉਨ੍ਹਾਂ ਕਿਹਾ ਕਿ ਸੂਬੇ ਦੇ ਲੋਕ ਸਿਆਣੇ ਹਨ ਅਤੇ ਕਿਸੇ ਵੀ ਤਰ੍ਹਾਂ ਦੇ ਭੜਕਾਊ ਪ੍ਰਚਾਰ ਵਿੱਚ ਨਹੀਂ ਆਉਣਗੇ।

ਉਨ੍ਹਾਂ ਕਿਹਾ ਕਿ ਕਿਸੇ ਵੀ ਤਰ੍ਹਾਂ ਦੀ ਹਿੰਸਾ ਨੂੰ ਬਰਦਾਸ਼ਤ ਨਹੀਂ ਕੀਤਾ ਜਾਵੇਗਾ ਅਤੇ ਦੋਸ਼ੀਆਂ ਖਿਲਾਫ ਕਾਨੂੰਨੀ ਕਾਰਵਾਈ ਕੀਤੀ ਜਾਵੇਗੀ।

ਗੁਰਬਾਣੀ ਬੁੱਧਾ ਸਾਹਿਬ ਜੀ ਤੋਂ ਚੱਲੀ ਹਰਿਕ ਬਾਣੀ ਲੱਕ ਤੇ ਜੀ ਹਾਵਲੇ ਵਰਤਨ ਪੁਲੀਸ ਪ੍ਰਸ਼ਾਸਨ ਦਾ ਸ਼ਲਾਘਾਯੋਗ ਕਦਮ-ਗੁਰਦੁਆਰਾ ਸਿੰਘ

ਲੁਧਿਆਣਾ, 30 ਸਤੰਬਰ (ਅੰਗਰੇਜ਼)-

ਉਨ੍ਹਾਂ ਕਿਹਾ ਕਿ ਪੁਲੀਸ ਪ੍ਰਸ਼ਾਸਨ ਵੱਲੋਂ ਚੁੱਕਿਆ ਗਿਆ ਇਹ ਕਦਮ ਸ਼ਲਾਘਾਯੋਗ ਹੈ ਅਤੇ ਇਸ ਨਾਲ ਸੰਗਤਾਂ ਨੂੰ ਵੱਡੀ ਸਹੂਲਤ ਮਿਲੇਗੀ।

ਉਨ੍ਹਾਂ ਨੇ ਅਧਿਕਾਰੀਆਂ ਦਾ ਧੰਨਵਾਦ ਕਰਦਿਆਂ ਕਿਹਾ ਕਿ ਅਜਿਹੇ ਉਪਰਾਲੇ ਅੱਗੇ ਵੀ ਜਾਰੀ ਰਹਿਣੇ ਚਾਹੀਦੇ ਹਨ।

Editor, Printer and Publisher Rishabdeep Singh, Printed at: Impression Printing & Packaging (Ltd.) Plot No. 22 Phase-2 Industrial Area Panchkula (Haryana) 134109 & Published From 3223, First Floor, Sector-35D, Chandigarh
